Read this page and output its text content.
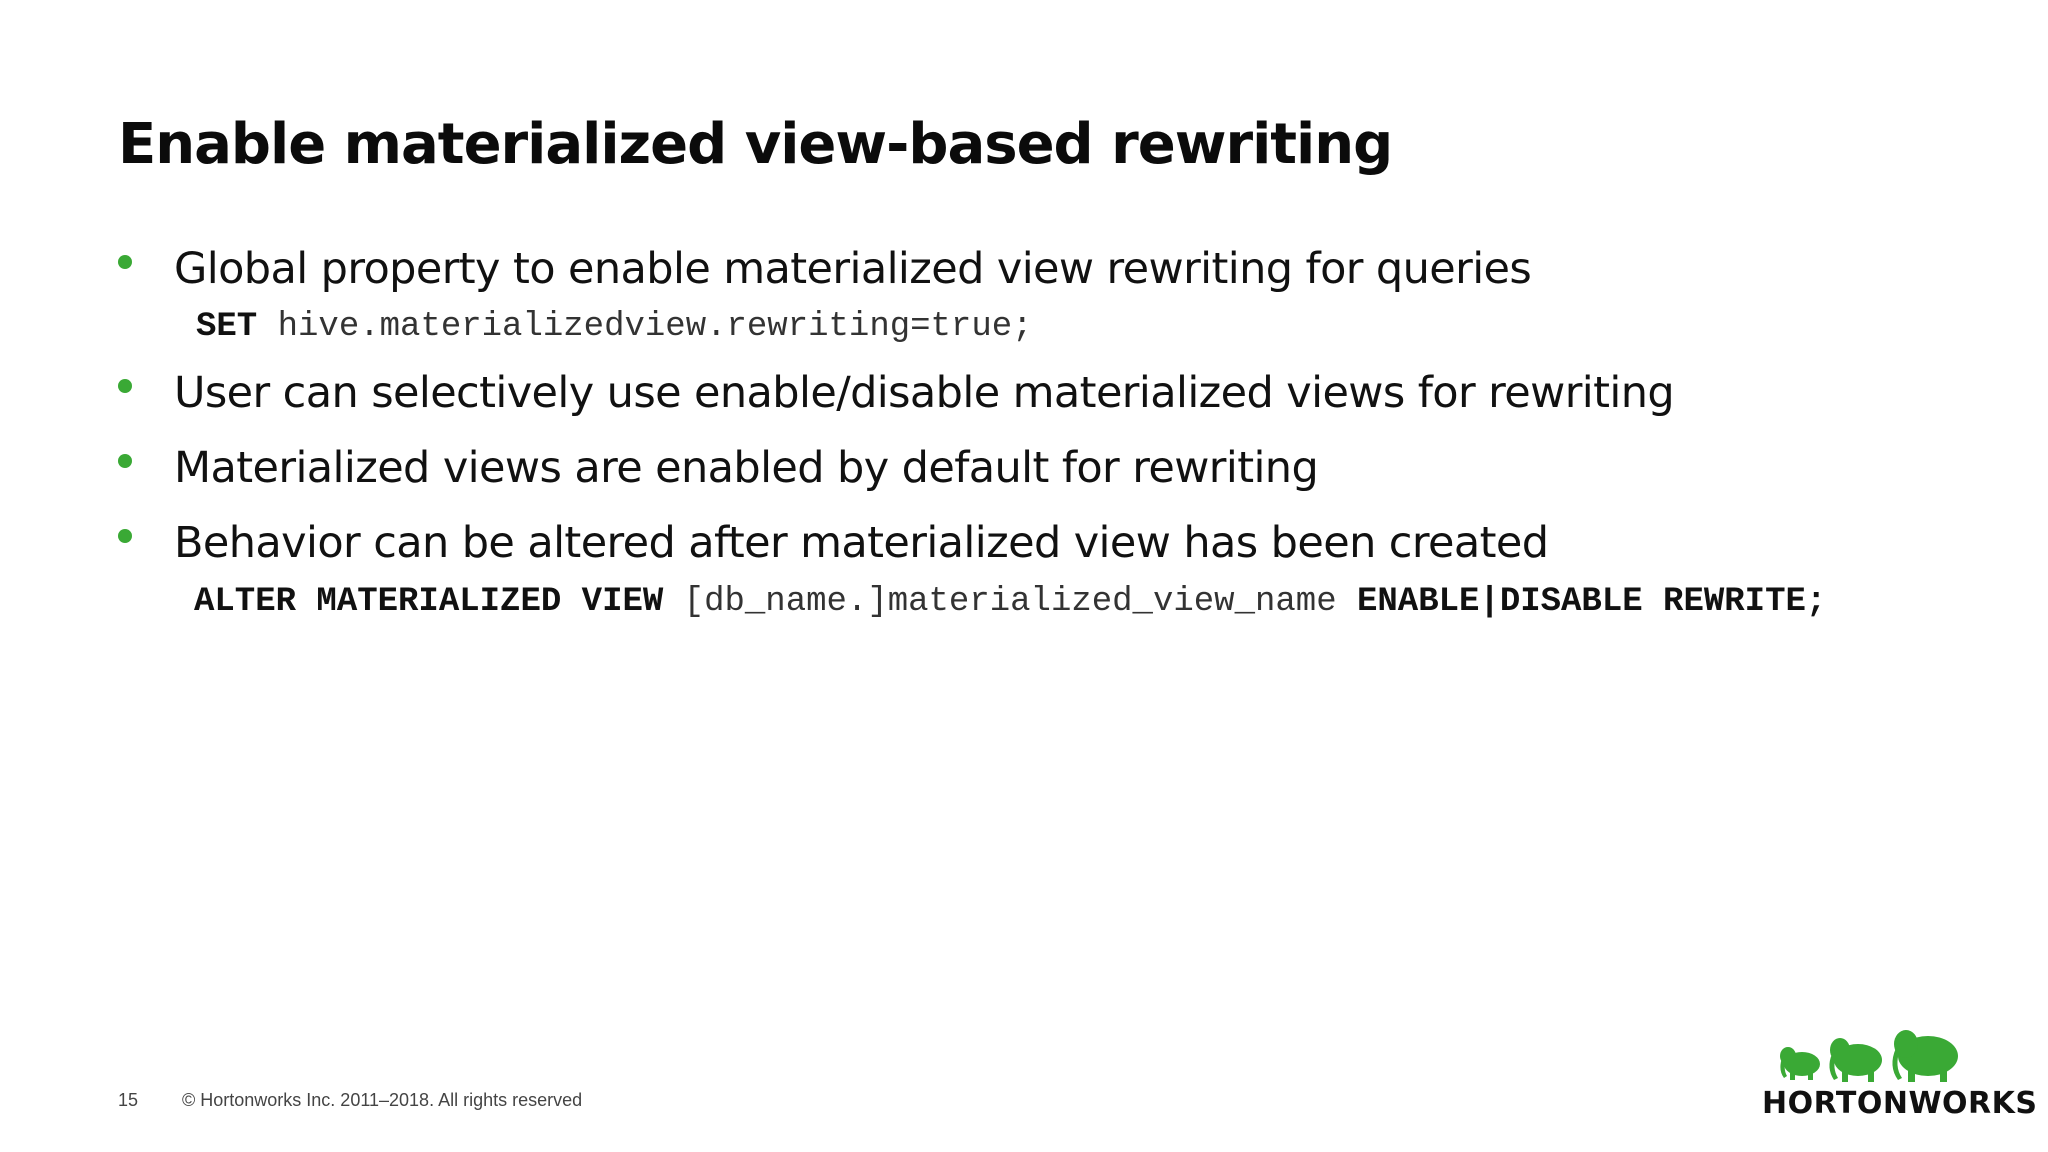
Enable materialized view-based rewriting
Global property to enable materialized view rewriting for queries
SET hive.materializedview.rewriting=true;
User can selectively use enable/disable materialized views for rewriting
Materialized views are enabled by default for rewriting
Behavior can be altered after materialized view has been created
ALTER MATERIALIZED VIEW [db_name.]materialized_view_name ENABLE|DISABLE REWRITE;
15 © Hortonworks Inc. 2011–2018. All rights reserved	HORTONWORKS
